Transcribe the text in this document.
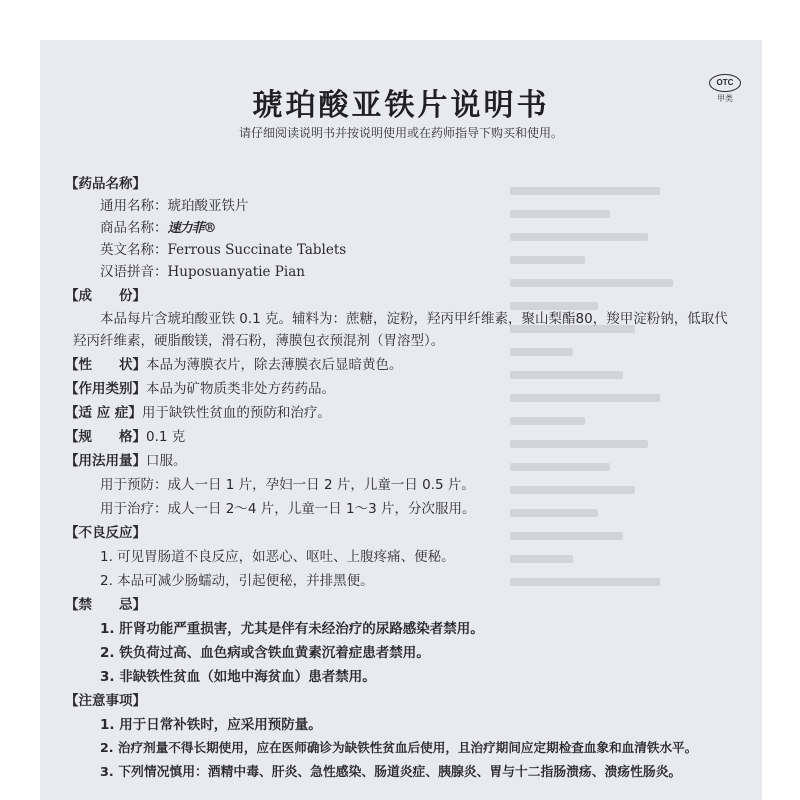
琥珀酸亚铁片说明书
请仔细阅读说明书并按说明使用或在药师指导下购买和使用。
OTC
甲类
【药品名称】
通用名称：琥珀酸亚铁片
商品名称：速力菲®
英文名称：Ferrous Succinate Tablets
汉语拼音：Huposuanyatie Pian
【成　　份】
本品每片含琥珀酸亚铁 0.1 克。辅料为：蔗糖，淀粉，羟丙甲纤维素，聚山梨酯80，羧甲淀粉钠，低取代
羟丙纤维素，硬脂酸镁，滑石粉，薄膜包衣预混剂（胃溶型）。
【性　　状】本品为薄膜衣片，除去薄膜衣后显暗黄色。
【作用类别】本品为矿物质类非处方药药品。
【适 应 症】用于缺铁性贫血的预防和治疗。
【规　　格】0.1 克
【用法用量】口服。
用于预防：成人一日 1 片，孕妇一日 2 片，儿童一日 0.5 片。
用于治疗：成人一日 2～4 片，儿童一日 1～3 片，分次服用。
【不良反应】
1. 可见胃肠道不良反应，如恶心、呕吐、上腹疼痛、便秘。
2. 本品可减少肠蠕动，引起便秘，并排黑便。
【禁　　忌】
1. 肝肾功能严重损害，尤其是伴有未经治疗的尿路感染者禁用。
2. 铁负荷过高、血色病或含铁血黄素沉着症患者禁用。
3. 非缺铁性贫血（如地中海贫血）患者禁用。
【注意事项】
1. 用于日常补铁时，应采用预防量。
2. 治疗剂量不得长期使用，应在医师确诊为缺铁性贫血后使用，且治疗期间应定期检查血象和血清铁水平。
3. 下列情况慎用：酒精中毒、肝炎、急性感染、肠道炎症、胰腺炎、胃与十二指肠溃疡、溃疡性肠炎。
